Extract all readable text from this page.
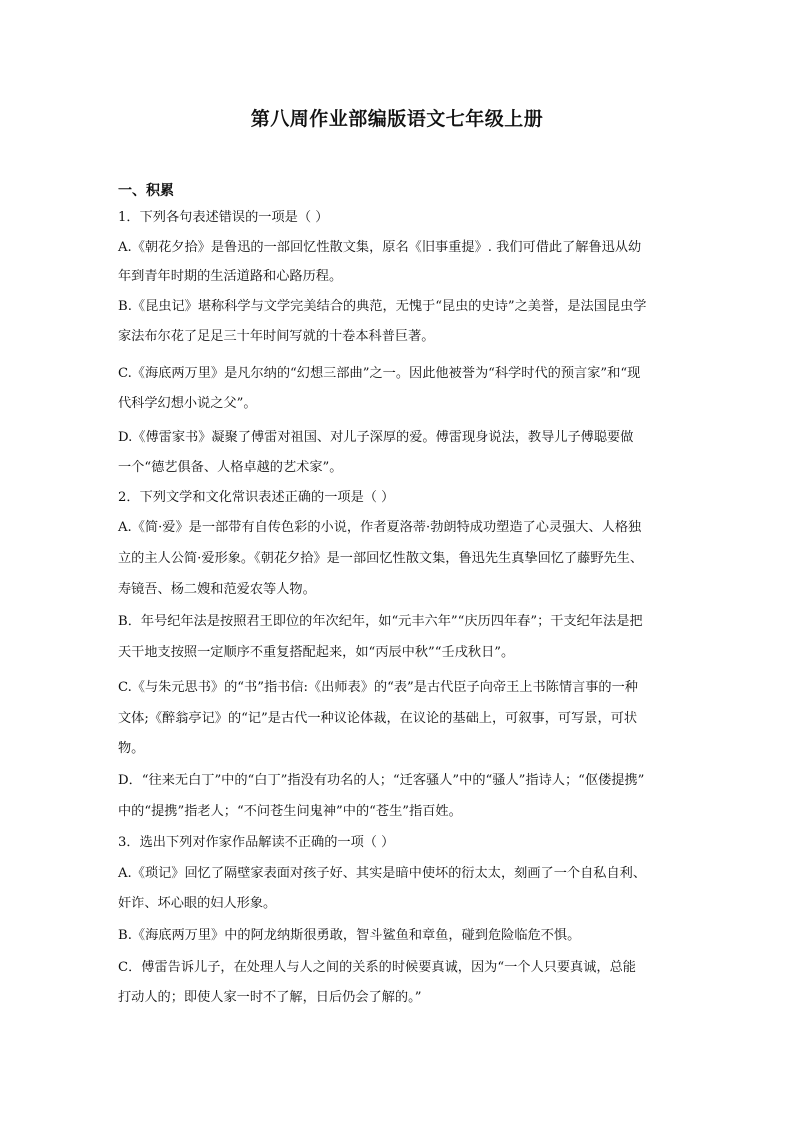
第八周作业部编版语文七年级上册
一、积累
1．下列各句表述错误的一项是（ ）
A.《朝花夕拾》是鲁迅的一部回忆性散文集，原名《旧事重提》. 我们可借此了解鲁迅从幼
年到青年时期的生活道路和心路历程。
B.《昆虫记》堪称科学与文学完美结合的典范，无愧于“昆虫的史诗”之美誉，是法国昆虫学
家法布尔花了足足三十年时间写就的十卷本科普巨著。
C.《海底两万里》是凡尔纳的“幻想三部曲”之一。因此他被誉为“科学时代的预言家”和“现
代科学幻想小说之父”。
D.《傅雷家书》凝聚了傅雷对祖国、对儿子深厚的爱。傅雷现身说法，教导儿子傅聪要做
一个“德艺俱备、人格卓越的艺术家”。
2．下列文学和文化常识表述正确的一项是（ ）
A.《简·爱》是一部带有自传色彩的小说，作者夏洛蒂·勃朗特成功塑造了心灵强大、人格独
立的主人公简·爱形象。《朝花夕拾》是一部回忆性散文集，鲁迅先生真挚回忆了藤野先生、
寿镜吾、杨二嫂和范爱农等人物。
B．年号纪年法是按照君王即位的年次纪年，如“元丰六年”“庆历四年春”；干支纪年法是把
天干地支按照一定顺序不重复搭配起来，如“丙辰中秋”“壬戌秋日”。
C.《与朱元思书》的“书”指书信:《出师表》的“表”是古代臣子向帝王上书陈情言事的一种
文体;《醉翁亭记》的“记”是古代一种议论体裁，在议论的基础上，可叙事，可写景，可状
物。
D．“往来无白丁”中的“白丁”指没有功名的人；“迁客骚人”中的“骚人”指诗人；“伛偻提携”
中的“提携”指老人；“不问苍生问鬼神”中的“苍生”指百姓。
3．选出下列对作家作品解读不正确的一项（ ）
A.《琐记》回忆了隔壁家表面对孩子好、其实是暗中使坏的衍太太，刻画了一个自私自利、
奸诈、坏心眼的妇人形象。
B.《海底两万里》中的阿龙纳斯很勇敢，智斗鲨鱼和章鱼，碰到危险临危不惧。
C．傅雷告诉儿子，在处理人与人之间的关系的时候要真诚，因为“一个人只要真诚，总能
打动人的；即使人家一时不了解，日后仍会了解的。”
